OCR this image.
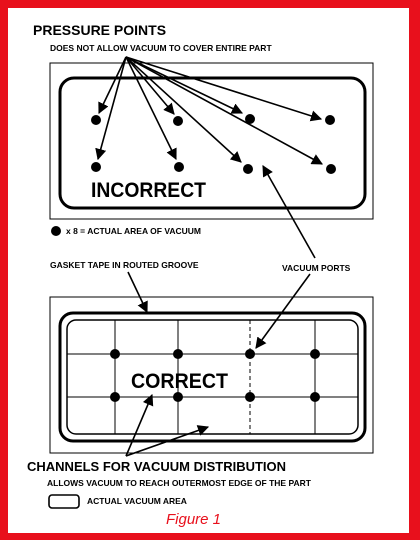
INCORRECT
CORRECT
PRESSURE POINTS
DOES NOT ALLOW VACUUM TO COVER ENTIRE PART
x 8 = ACTUAL AREA OF VACUUM
GASKET TAPE IN ROUTED GROOVE	VACUUM PORTS
CHANNELS FOR VACUUM DISTRIBUTION
ALLOWS VACUUM TO REACH OUTERMOST EDGE OF THE PART
ACTUAL VACUUM AREA
Figure 1
